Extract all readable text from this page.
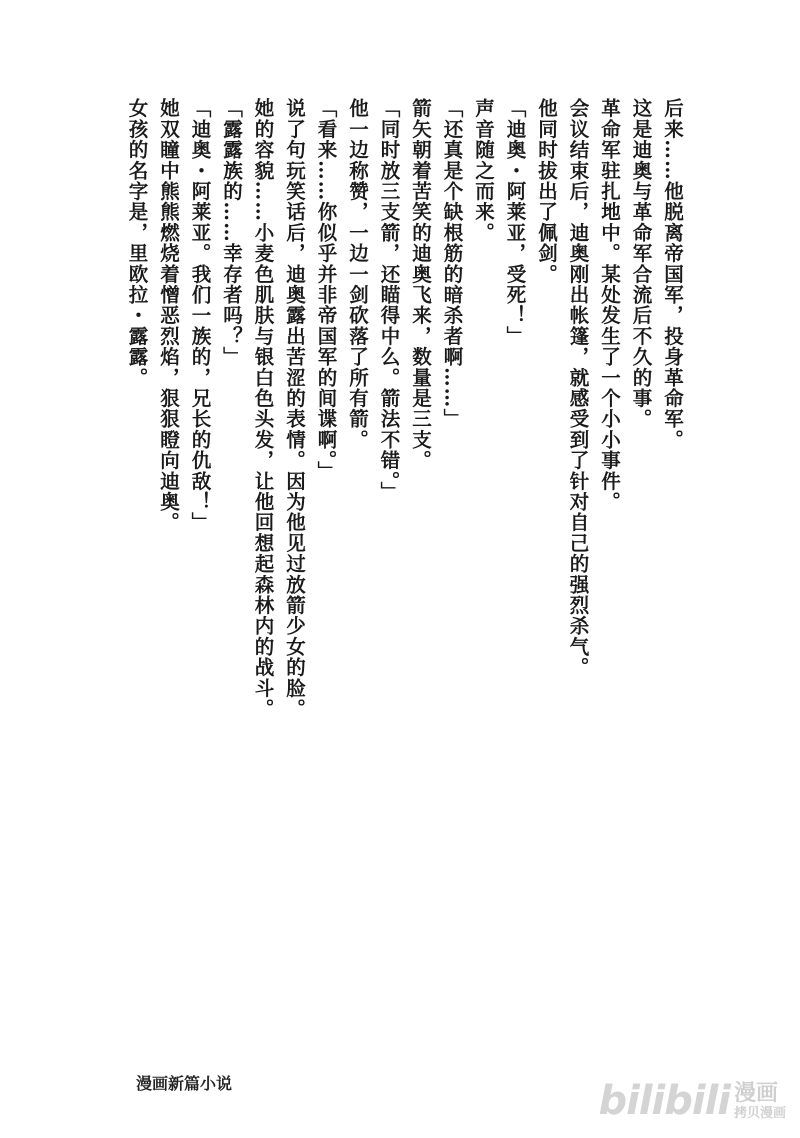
后来……他脱离帝国军，投身革命军。

这是迪奥与革命军合流后不久的事。

革命军驻扎地中。某处发生了一个小小事件。

会议结束后，迪奥刚出帐篷，就感受到了针对自己的强烈杀气。

他同时拔出了佩剑。

「迪奥・阿莱亚，受死！」

声音随之而来。

「还真是个缺根筋的暗杀者啊……」

箭矢朝着苦笑的迪奥飞来，数量是三支。

「同时放三支箭，还瞄得中么。箭法不错。」

他一边称赞，一边一剑砍落了所有箭。

「看来……你似乎并非帝国军的间谍啊。」

说了句玩笑话后，迪奥露出苦涩的表情。因为他见过放箭少女的脸。

她的容貌……小麦色肌肤与银白色头发，让他回想起森林内的战斗。

「露露族的……幸存者吗？」

「迪奥・阿莱亚。我们一族的，兄长的仇敌！」

她双瞳中熊熊燃烧着憎恶烈焰，狠狠瞪向迪奥。

女孩的名字是，里欧拉・露露。

漫画新篇小说	bilibili 漫画
拷贝漫画
